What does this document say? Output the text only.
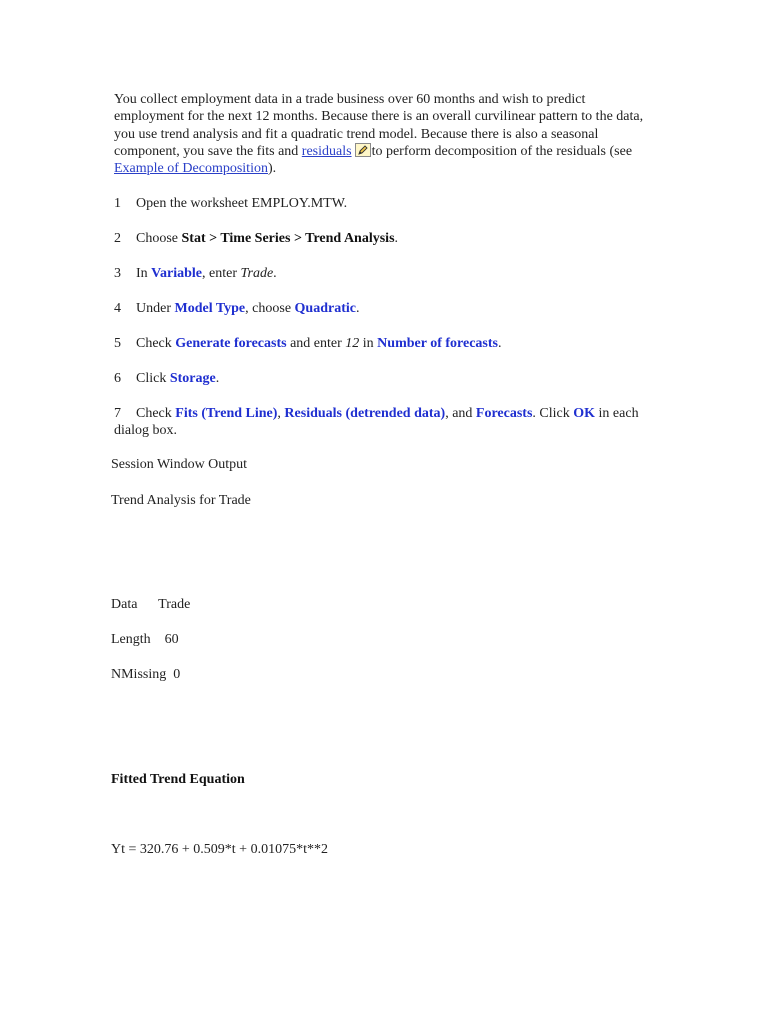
You collect employment data in a trade business over 60 months and wish to predict employment for the next 12 months. Because there is an overall curvilinear pattern to the data, you use trend analysis and fit a quadratic trend model. Because there is also a seasonal component, you save the fits and residuals to perform decomposition of the residuals (see Example of Decomposition).

1 Open the worksheet EMPLOY.MTW.

2 Choose Stat > Time Series > Trend Analysis.

3 In Variable, enter Trade.

4 Under Model Type, choose Quadratic.

5 Check Generate forecasts and enter 12 in Number of forecasts.

6 Click Storage.

7 Check Fits (Trend Line), Residuals (detrended data), and Forecasts. Click OK in each dialog box.

Session Window Output

Trend Analysis for Trade

Data      Trade

Length    60

NMissing  0

Fitted Trend Equation

Yt = 320.76 + 0.509*t + 0.01075*t**2
